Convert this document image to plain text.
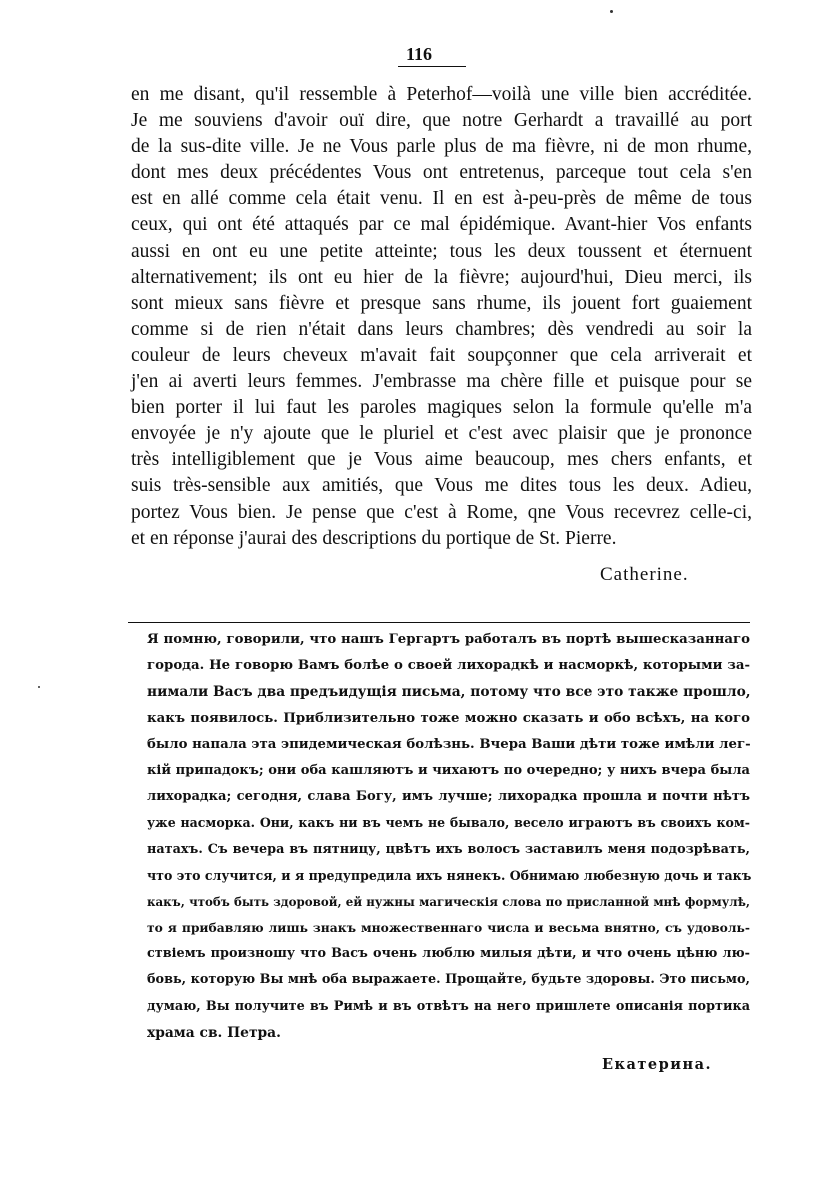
116
en me disant, qu'il ressemble à Peterhof—voilà une ville bien accréditée.
Je me souviens d'avoir ouï dire, que notre Gerhardt a travaillé au port
de la sus-dite ville. Je ne Vous parle plus de ma fièvre, ni de mon rhume,
dont mes deux précédentes Vous ont entretenus, parceque tout cela s'en
est en allé comme cela était venu. Il en est à-peu-près de même de tous
ceux, qui ont été attaqués par ce mal épidémique. Avant-hier Vos enfants
aussi en ont eu une petite atteinte; tous les deux toussent et éternuent
alternativement; ils ont eu hier de la fièvre; aujourd'hui, Dieu merci, ils
sont mieux sans fièvre et presque sans rhume, ils jouent fort guaiement
comme si de rien n'était dans leurs chambres; dès vendredi au soir la
couleur de leurs cheveux m'avait fait soupçonner que cela arriverait et
j'en ai averti leurs femmes. J'embrasse ma chère fille et puisque pour se
bien porter il lui faut les paroles magiques selon la formule qu'elle m'a
envoyée je n'y ajoute que le pluriel et c'est avec plaisir que je prononce
très intelligiblement que je Vous aime beaucoup, mes chers enfants, et
suis très-sensible aux amitiés, que Vous me dites tous les deux. Adieu,
portez Vous bien. Je pense que c'est à Rome, qne Vous recevrez celle-ci,
et en réponse j'aurai des descriptions du portique de St. Pierre.
Catherine.
Я помню, говорили, что нашъ Гергартъ работалъ въ портѣ вышесказаннаго
города. Не говорю Вамъ болѣе о своей лихорадкѣ и насморкѣ, которыми за-
нимали Васъ два предъидущія письма, потому что все это также прошло,
какъ появилось. Приблизительно тоже можно сказать и обо всѣхъ, на кого
было напала эта эпидемическая болѣзнь. Вчера Ваши дѣти тоже имѣли лег-
кій припадокъ; они оба кашляютъ и чихаютъ по очередно; у нихъ вчера была
лихорадка; сегодня, слава Богу, имъ лучше; лихорадка прошла и почти нѣтъ
уже насморка. Они, какъ ни въ чемъ не бывало, весело играютъ въ своихъ ком-
натахъ. Съ вечера въ пятницу, цвѣтъ ихъ волосъ заставилъ меня подозрѣвать,
что это случится, и я предупредила ихъ нянекъ. Обнимаю любезную дочь и такъ
какъ, чтобъ быть здоровой, ей нужны магическія слова по присланной мнѣ формулѣ,
то я прибавляю лишь знакъ множественнаго числа и весьма внятно, съ удоволь-
ствіемъ произношу что Васъ очень люблю милыя дѣти, и что очень цѣню лю-
бовь, которую Вы мнѣ оба выражаете. Прощайте, будьте здоровы. Это письмо,
думаю, Вы получите въ Римѣ и въ отвѣтъ на него пришлете описанія портика
храма св. Петра.
Екатерина.
